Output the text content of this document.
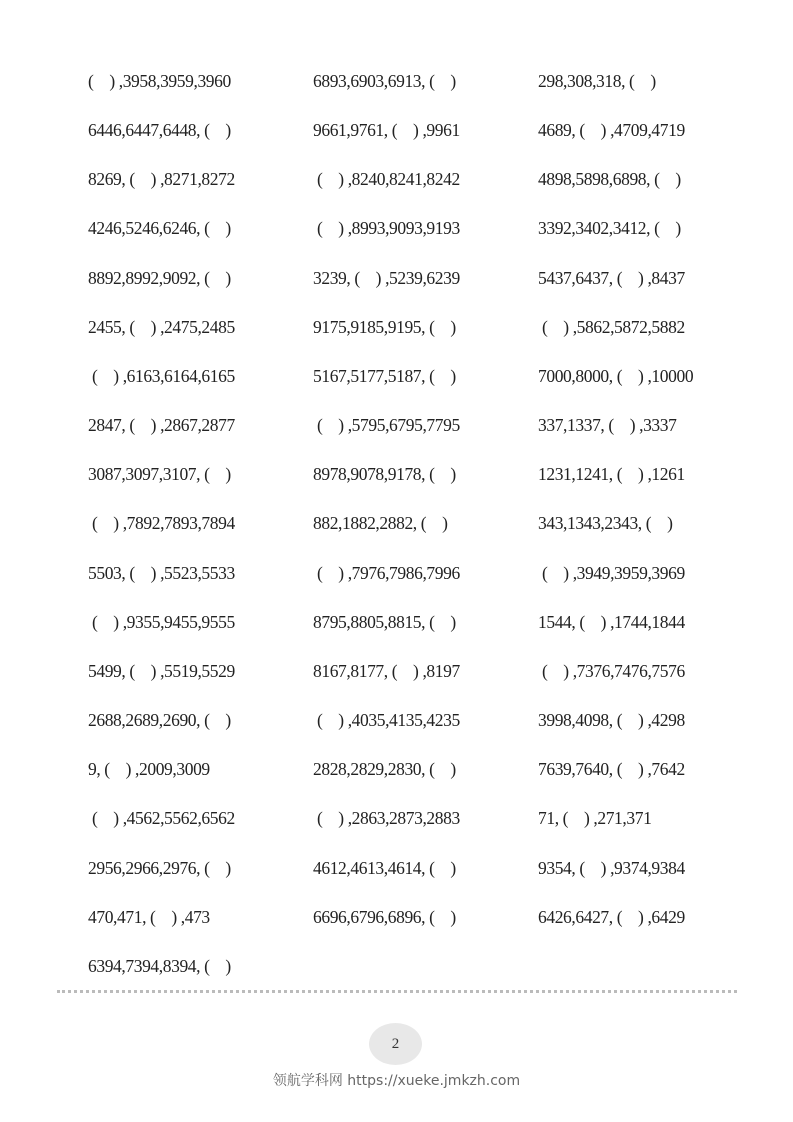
(    ) ,3958,3959,3960	6893,6903,6913, (    )	298,308,318, (    )
6446,6447,6448, (    )	9661,9761, (    ) ,9961	4689, (    ) ,4709,4719
8269, (    ) ,8271,8272	(    ) ,8240,8241,8242	4898,5898,6898, (    )
4246,5246,6246, (    )	(    ) ,8993,9093,9193	3392,3402,3412, (    )
8892,8992,9092, (    )	3239, (    ) ,5239,6239	5437,6437, (    ) ,8437
2455, (    ) ,2475,2485	9175,9185,9195, (    )	(    ) ,5862,5872,5882
(    ) ,6163,6164,6165	5167,5177,5187, (    )	7000,8000, (    ) ,10000
2847, (    ) ,2867,2877	(    ) ,5795,6795,7795	337,1337, (    ) ,3337
3087,3097,3107, (    )	8978,9078,9178, (    )	1231,1241, (    ) ,1261
(    ) ,7892,7893,7894	882,1882,2882, (    )	343,1343,2343, (    )
5503, (    ) ,5523,5533	(    ) ,7976,7986,7996	(    ) ,3949,3959,3969
(    ) ,9355,9455,9555	8795,8805,8815, (    )	1544, (    ) ,1744,1844
5499, (    ) ,5519,5529	8167,8177, (    ) ,8197	(    ) ,7376,7476,7576
2688,2689,2690, (    )	(    ) ,4035,4135,4235	3998,4098, (    ) ,4298
9, (    ) ,2009,3009	2828,2829,2830, (    )	7639,7640, (    ) ,7642
(    ) ,4562,5562,6562	(    ) ,2863,2873,2883	71, (    ) ,271,371
2956,2966,2976, (    )	4612,4613,4614, (    )	9354, (    ) ,9374,9384
470,471, (    ) ,473	6696,6796,6896, (    )	6426,6427, (    ) ,6429
6394,7394,8394, (    )
2
领航学科网 https://xueke.jmkzh.com
